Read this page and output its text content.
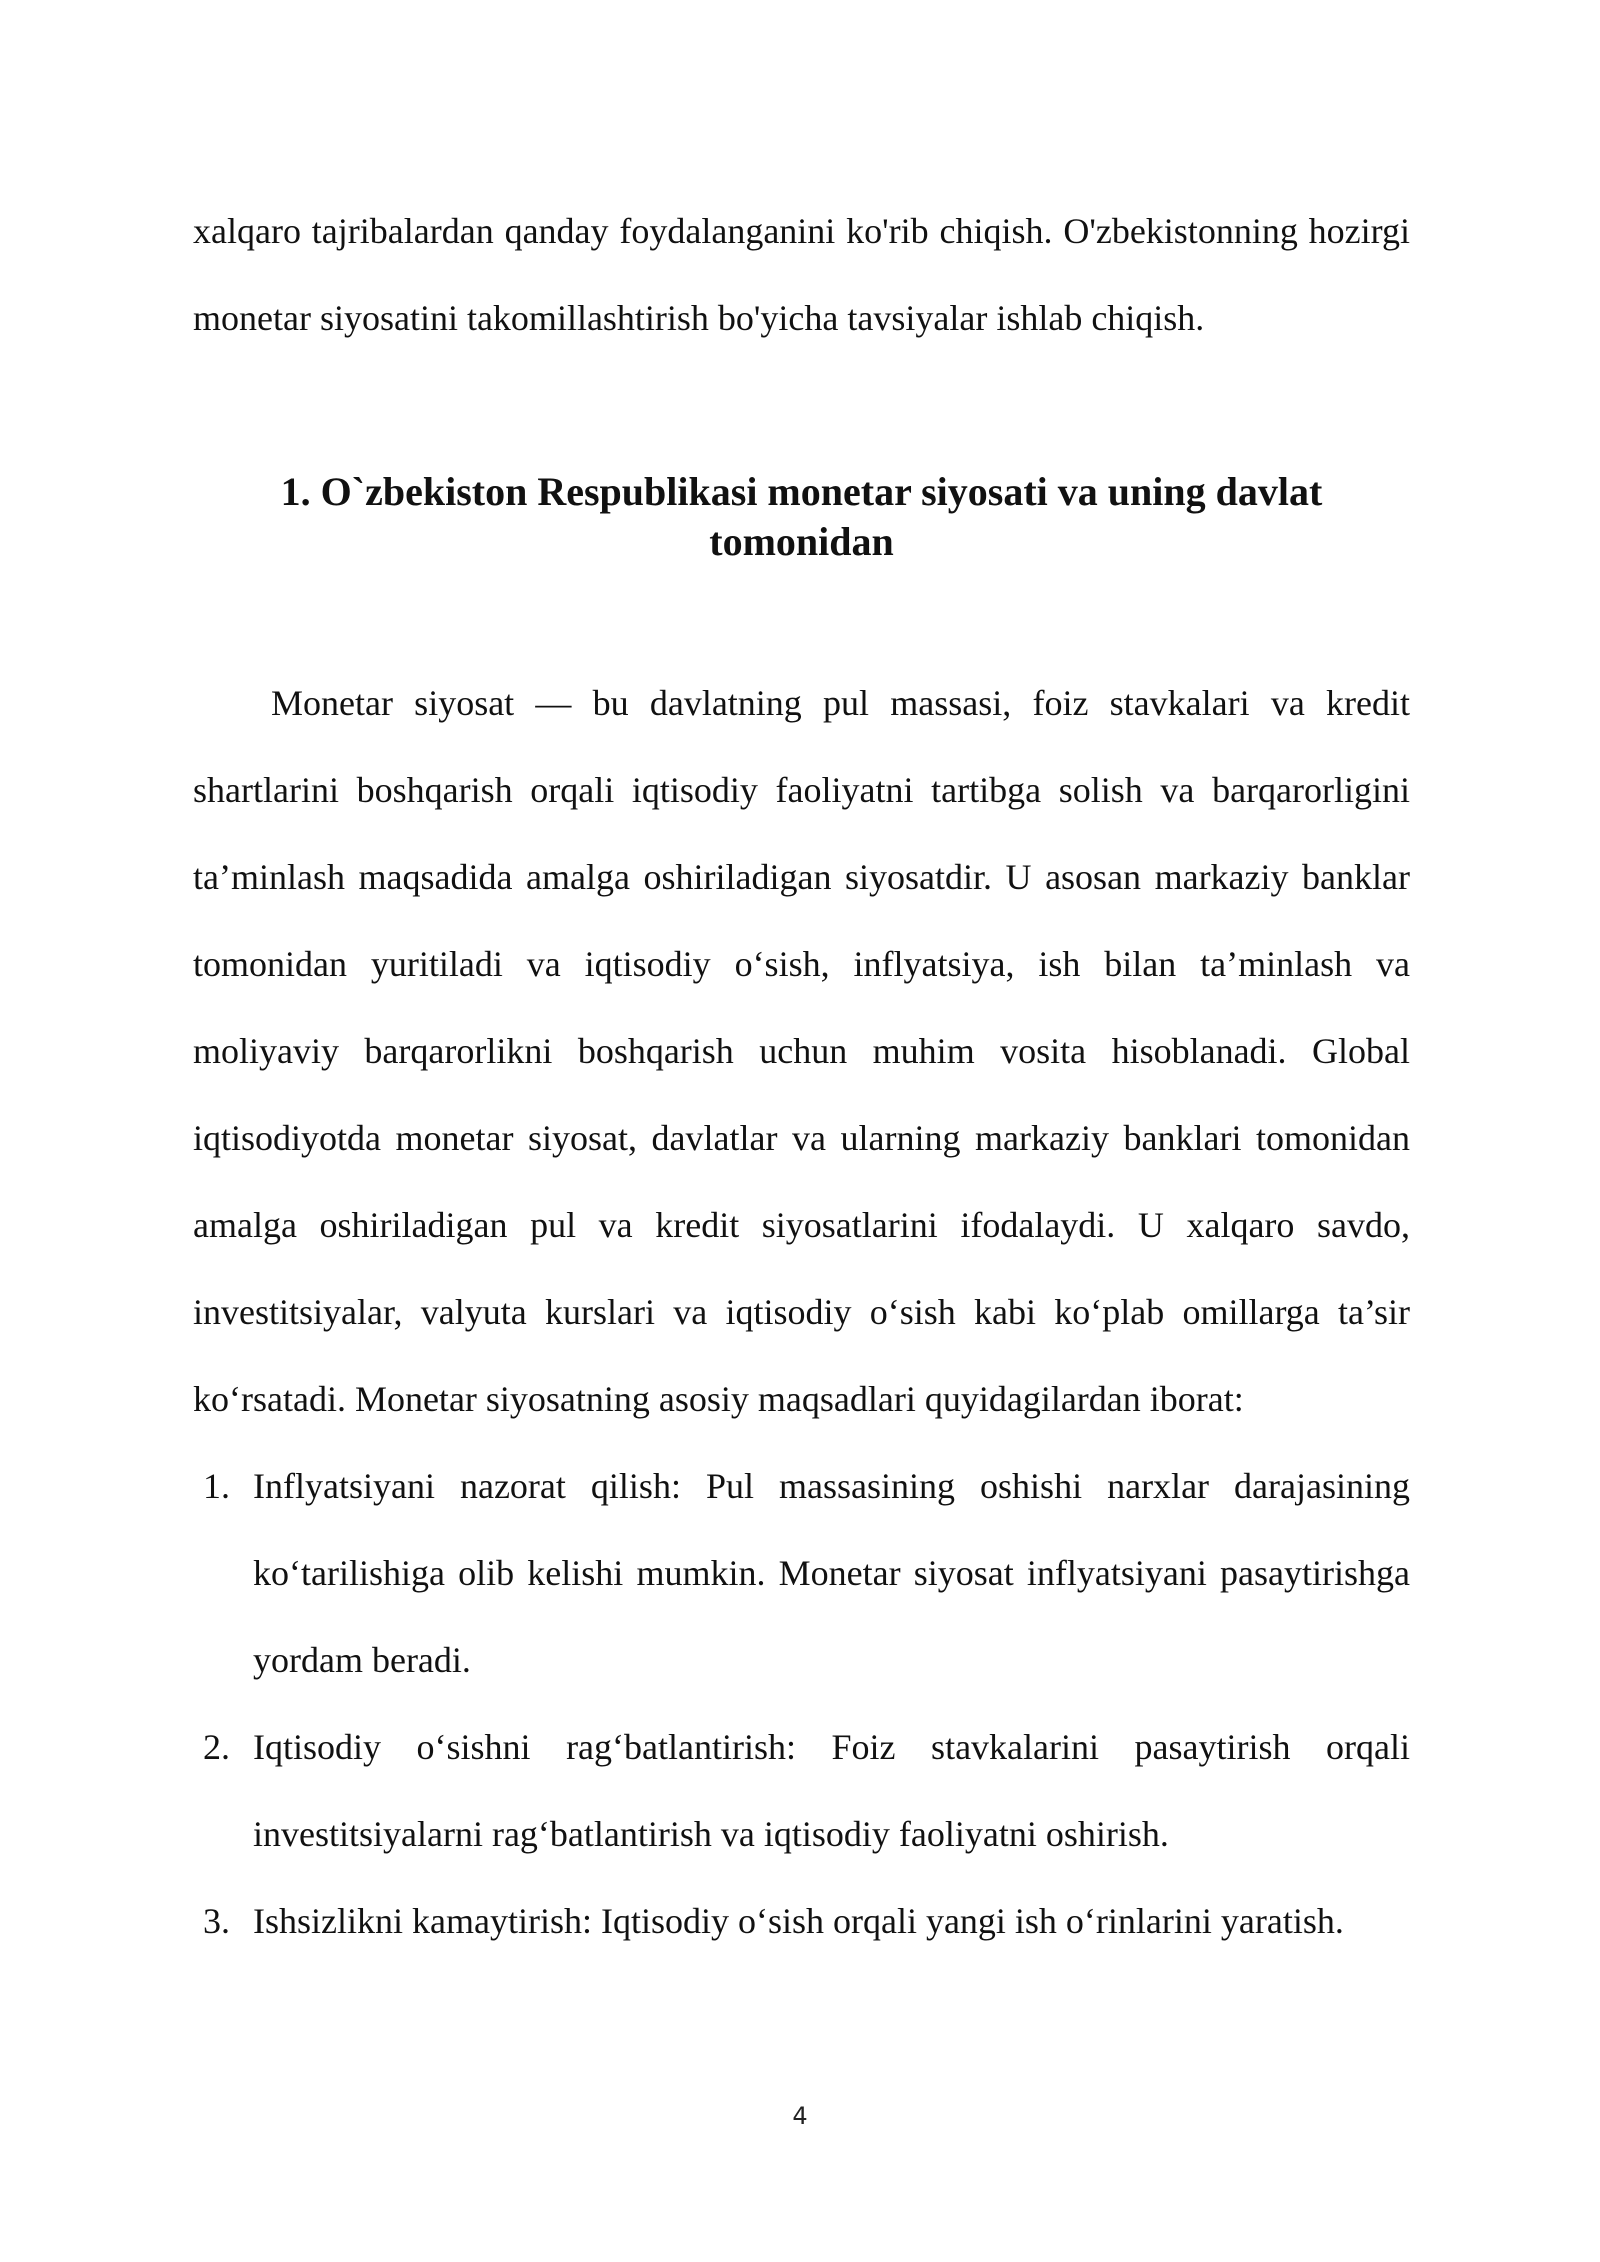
xalqaro tajribalardan qanday foydalanganini ko'rib chiqish. O'zbekistonning hozirgi monetar siyosatini takomillashtirish bo'yicha tavsiyalar ishlab chiqish.

1. O`zbekiston Respublikasi monetar siyosati va uning davlat tomonidan

Monetar siyosat — bu davlatning pul massasi, foiz stavkalari va kredit shartlarini boshqarish orqali iqtisodiy faoliyatni tartibga solish va barqarorligini ta’minlash maqsadida amalga oshiriladigan siyosatdir. U asosan markaziy banklar tomonidan yuritiladi va iqtisodiy o‘sish, inflyatsiya, ish bilan ta’minlash va moliyaviy barqarorlikni boshqarish uchun muhim vosita hisoblanadi. Global iqtisodiyotda monetar siyosat, davlatlar va ularning markaziy banklari tomonidan amalga oshiriladigan pul va kredit siyosatlarini ifodalaydi. U xalqaro savdo, investitsiyalar, valyuta kurslari va iqtisodiy o‘sish kabi ko‘plab omillarga ta’sir ko‘rsatadi. Monetar siyosatning asosiy maqsadlari quyidagilardan iborat:

1. Inflyatsiyani nazorat qilish: Pul massasining oshishi narxlar darajasining ko‘tarilishiga olib kelishi mumkin. Monetar siyosat inflyatsiyani pasaytirishga yordam beradi.
2. Iqtisodiy o‘sishni rag‘batlantirish: Foiz stavkalarini pasaytirish orqali investitsiyalarni rag‘batlantirish va iqtisodiy faoliyatni oshirish.
3. Ishsizlikni kamaytirish: Iqtisodiy o‘sish orqali yangi ish o‘rinlarini yaratish.
4
